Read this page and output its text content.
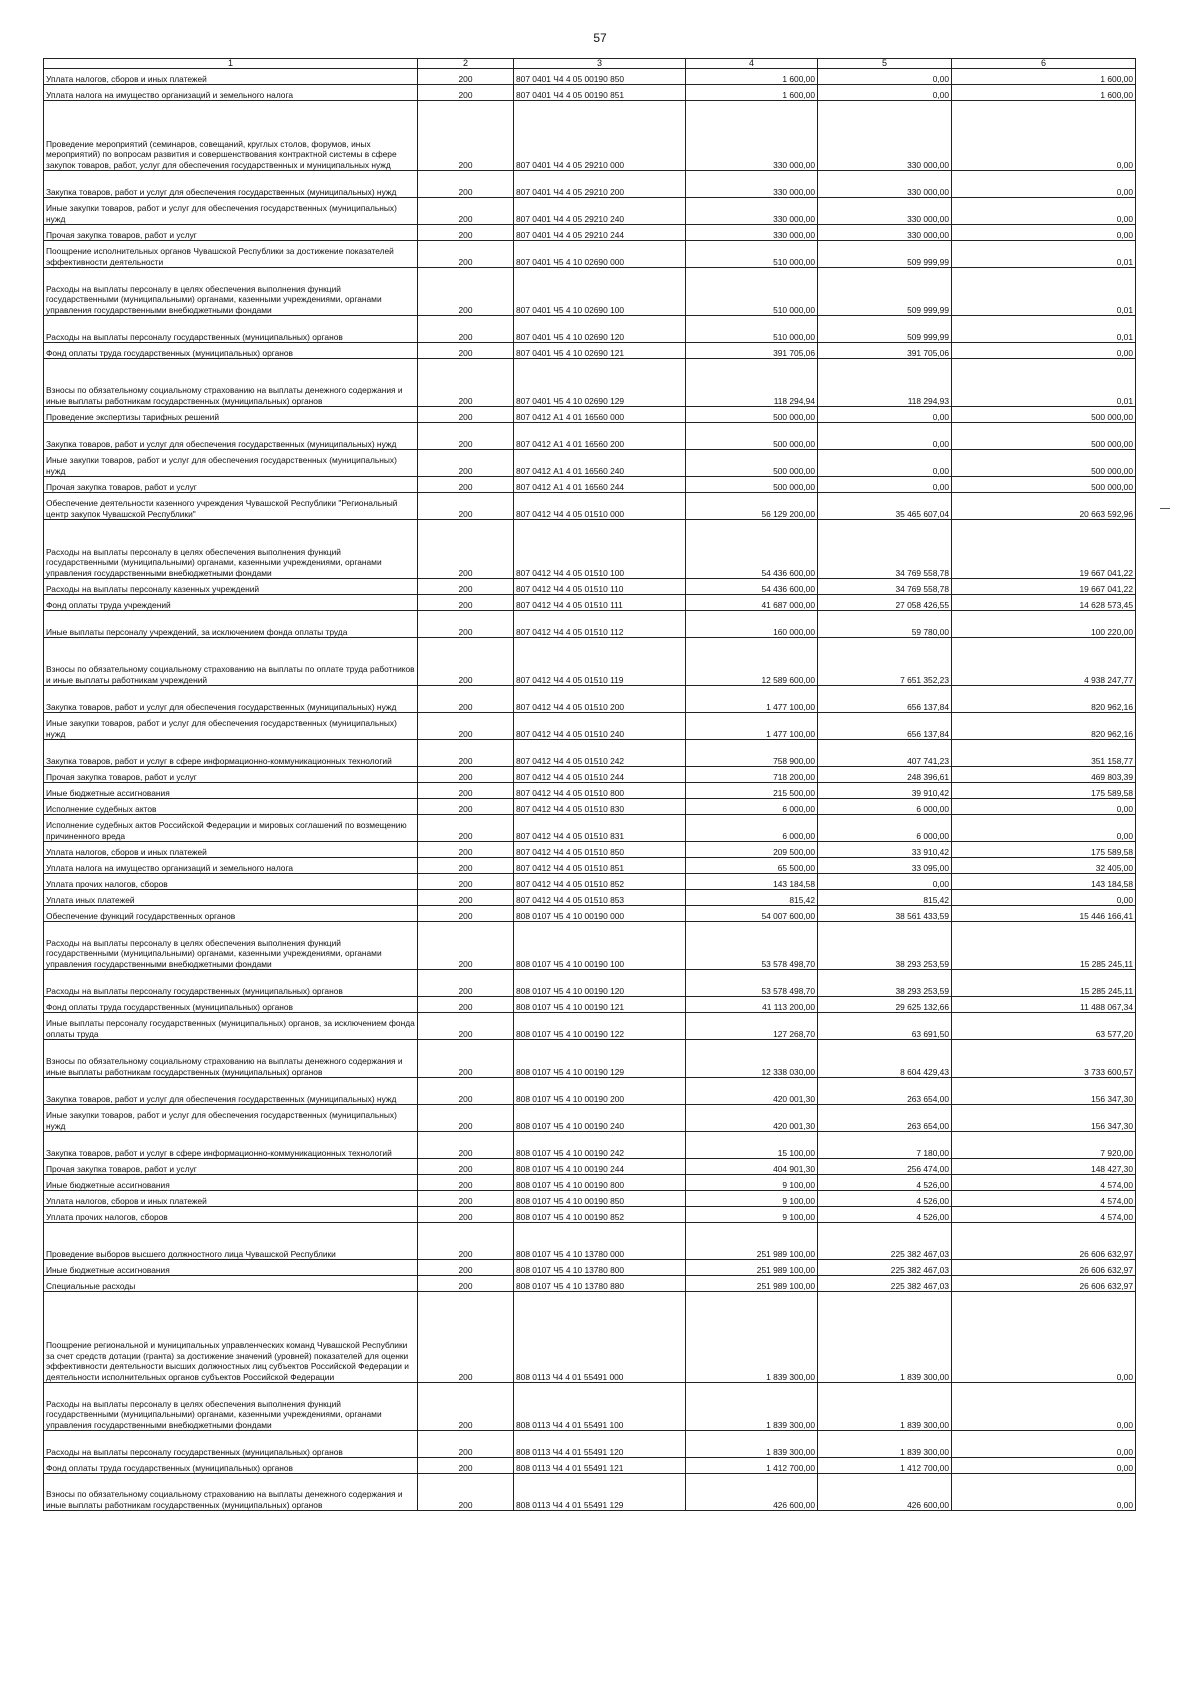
57
1	2	3	4	5	6
Уплата налогов, сборов и иных платежей	200	807 0401 Ч4 4 05 00190 850	1 600,00	0,00	1 600,00
Уплата налога на имущество организаций и земельного налога	200	807 0401 Ч4 4 05 00190 851	1 600,00	0,00	1 600,00
Проведение мероприятий (семинаров, совещаний, круглых столов, форумов, иных мероприятий) по вопросам развития и совершенствования контрактной системы в сфере закупок товаров, работ, услуг для обеспечения государственных и муниципальных нужд	200	807 0401 Ч4 4 05 29210 000	330 000,00	330 000,00	0,00
Закупка товаров, работ и услуг для обеспечения государственных (муниципальных) нужд	200	807 0401 Ч4 4 05 29210 200	330 000,00	330 000,00	0,00
Иные закупки товаров, работ и услуг для обеспечения государственных (муниципальных) нужд	200	807 0401 Ч4 4 05 29210 240	330 000,00	330 000,00	0,00
Прочая закупка товаров, работ и услуг	200	807 0401 Ч4 4 05 29210 244	330 000,00	330 000,00	0,00
Поощрение исполнительных органов Чувашской Республики за достижение показателей эффективности деятельности	200	807 0401 Ч5 4 10 02690 000	510 000,00	509 999,99	0,01
Расходы на выплаты персоналу в целях обеспечения выполнения функций государственными (муниципальными) органами, казенными учреждениями, органами управления государственными внебюджетными фондами	200	807 0401 Ч5 4 10 02690 100	510 000,00	509 999,99	0,01
Расходы на выплаты персоналу государственных (муниципальных) органов	200	807 0401 Ч5 4 10 02690 120	510 000,00	509 999,99	0,01
Фонд оплаты труда государственных (муниципальных) органов	200	807 0401 Ч5 4 10 02690 121	391 705,06	391 705,06	0,00
Взносы по обязательному социальному страхованию на выплаты денежного содержания и иные выплаты работникам государственных (муниципальных) органов	200	807 0401 Ч5 4 10 02690 129	118 294,94	118 294,93	0,01
Проведение экспертизы тарифных решений	200	807 0412 А1 4 01 16560 000	500 000,00	0,00	500 000,00
Закупка товаров, работ и услуг для обеспечения государственных (муниципальных) нужд	200	807 0412 А1 4 01 16560 200	500 000,00	0,00	500 000,00
Иные закупки товаров, работ и услуг для обеспечения государственных (муниципальных) нужд	200	807 0412 А1 4 01 16560 240	500 000,00	0,00	500 000,00
Прочая закупка товаров, работ и услуг	200	807 0412 А1 4 01 16560 244	500 000,00	0,00	500 000,00
Обеспечение деятельности казенного учреждения Чувашской Республики "Региональный центр закупок Чувашской Республики"	200	807 0412 Ч4 4 05 01510 000	56 129 200,00	35 465 607,04	20 663 592,96
Расходы на выплаты персоналу в целях обеспечения выполнения функций государственными (муниципальными) органами, казенными учреждениями, органами управления государственными внебюджетными фондами	200	807 0412 Ч4 4 05 01510 100	54 436 600,00	34 769 558,78	19 667 041,22
Расходы на выплаты персоналу казенных учреждений	200	807 0412 Ч4 4 05 01510 110	54 436 600,00	34 769 558,78	19 667 041,22
Фонд оплаты труда учреждений	200	807 0412 Ч4 4 05 01510 111	41 687 000,00	27 058 426,55	14 628 573,45
Иные выплаты персоналу учреждений, за исключением фонда оплаты труда	200	807 0412 Ч4 4 05 01510 112	160 000,00	59 780,00	100 220,00
Взносы по обязательному социальному страхованию на выплаты по оплате труда работников и иные выплаты работникам учреждений	200	807 0412 Ч4 4 05 01510 119	12 589 600,00	7 651 352,23	4 938 247,77
Закупка товаров, работ и услуг для обеспечения государственных (муниципальных) нужд	200	807 0412 Ч4 4 05 01510 200	1 477 100,00	656 137,84	820 962,16
Иные закупки товаров, работ и услуг для обеспечения государственных (муниципальных) нужд	200	807 0412 Ч4 4 05 01510 240	1 477 100,00	656 137,84	820 962,16
Закупка товаров, работ и услуг в сфере информационно-коммуникационных технологий	200	807 0412 Ч4 4 05 01510 242	758 900,00	407 741,23	351 158,77
Прочая закупка товаров, работ и услуг	200	807 0412 Ч4 4 05 01510 244	718 200,00	248 396,61	469 803,39
Иные бюджетные ассигнования	200	807 0412 Ч4 4 05 01510 800	215 500,00	39 910,42	175 589,58
Исполнение судебных актов	200	807 0412 Ч4 4 05 01510 830	6 000,00	6 000,00	0,00
Исполнение судебных актов Российской Федерации и мировых соглашений по возмещению причиненного вреда	200	807 0412 Ч4 4 05 01510 831	6 000,00	6 000,00	0,00
Уплата налогов, сборов и иных платежей	200	807 0412 Ч4 4 05 01510 850	209 500,00	33 910,42	175 589,58
Уплата налога на имущество организаций и земельного налога	200	807 0412 Ч4 4 05 01510 851	65 500,00	33 095,00	32 405,00
Уплата прочих налогов, сборов	200	807 0412 Ч4 4 05 01510 852	143 184,58	0,00	143 184,58
Уплата иных платежей	200	807 0412 Ч4 4 05 01510 853	815,42	815,42	0,00
Обеспечение функций государственных органов	200	808 0107 Ч5 4 10 00190 000	54 007 600,00	38 561 433,59	15 446 166,41
Расходы на выплаты персоналу в целях обеспечения выполнения функций государственными (муниципальными) органами, казенными учреждениями, органами управления государственными внебюджетными фондами	200	808 0107 Ч5 4 10 00190 100	53 578 498,70	38 293 253,59	15 285 245,11
Расходы на выплаты персоналу государственных (муниципальных) органов	200	808 0107 Ч5 4 10 00190 120	53 578 498,70	38 293 253,59	15 285 245,11
Фонд оплаты труда государственных (муниципальных) органов	200	808 0107 Ч5 4 10 00190 121	41 113 200,00	29 625 132,66	11 488 067,34
Иные выплаты персоналу государственных (муниципальных) органов, за исключением фонда оплаты труда	200	808 0107 Ч5 4 10 00190 122	127 268,70	63 691,50	63 577,20
Взносы по обязательному социальному страхованию на выплаты денежного содержания и иные выплаты работникам государственных (муниципальных) органов	200	808 0107 Ч5 4 10 00190 129	12 338 030,00	8 604 429,43	3 733 600,57
Закупка товаров, работ и услуг для обеспечения государственных (муниципальных) нужд	200	808 0107 Ч5 4 10 00190 200	420 001,30	263 654,00	156 347,30
Иные закупки товаров, работ и услуг для обеспечения государственных (муниципальных) нужд	200	808 0107 Ч5 4 10 00190 240	420 001,30	263 654,00	156 347,30
Закупка товаров, работ и услуг в сфере информационно-коммуникационных технологий	200	808 0107 Ч5 4 10 00190 242	15 100,00	7 180,00	7 920,00
Прочая закупка товаров, работ и услуг	200	808 0107 Ч5 4 10 00190 244	404 901,30	256 474,00	148 427,30
Иные бюджетные ассигнования	200	808 0107 Ч5 4 10 00190 800	9 100,00	4 526,00	4 574,00
Уплата налогов, сборов и иных платежей	200	808 0107 Ч5 4 10 00190 850	9 100,00	4 526,00	4 574,00
Уплата прочих налогов, сборов	200	808 0107 Ч5 4 10 00190 852	9 100,00	4 526,00	4 574,00
Проведение выборов высшего должностного лица Чувашской Республики	200	808 0107 Ч5 4 10 13780 000	251 989 100,00	225 382 467,03	26 606 632,97
Иные бюджетные ассигнования	200	808 0107 Ч5 4 10 13780 800	251 989 100,00	225 382 467,03	26 606 632,97
Специальные расходы	200	808 0107 Ч5 4 10 13780 880	251 989 100,00	225 382 467,03	26 606 632,97
Поощрение региональной и муниципальных управленческих команд Чувашской Республики за счет средств дотации (гранта) за достижение значений (уровней) показателей для оценки эффективности деятельности высших должностных лиц субъектов Российской Федерации и деятельности исполнительных органов субъектов Российской Федерации	200	808 0113 Ч4 4 01 55491 000	1 839 300,00	1 839 300,00	0,00
Расходы на выплаты персоналу в целях обеспечения выполнения функций государственными (муниципальными) органами, казенными учреждениями, органами управления государственными внебюджетными фондами	200	808 0113 Ч4 4 01 55491 100	1 839 300,00	1 839 300,00	0,00
Расходы на выплаты персоналу государственных (муниципальных) органов	200	808 0113 Ч4 4 01 55491 120	1 839 300,00	1 839 300,00	0,00
Фонд оплаты труда государственных (муниципальных) органов	200	808 0113 Ч4 4 01 55491 121	1 412 700,00	1 412 700,00	0,00
Взносы по обязательному социальному страхованию на выплаты денежного содержания и иные выплаты работникам государственных (муниципальных) органов	200	808 0113 Ч4 4 01 55491 129	426 600,00	426 600,00	0,00
